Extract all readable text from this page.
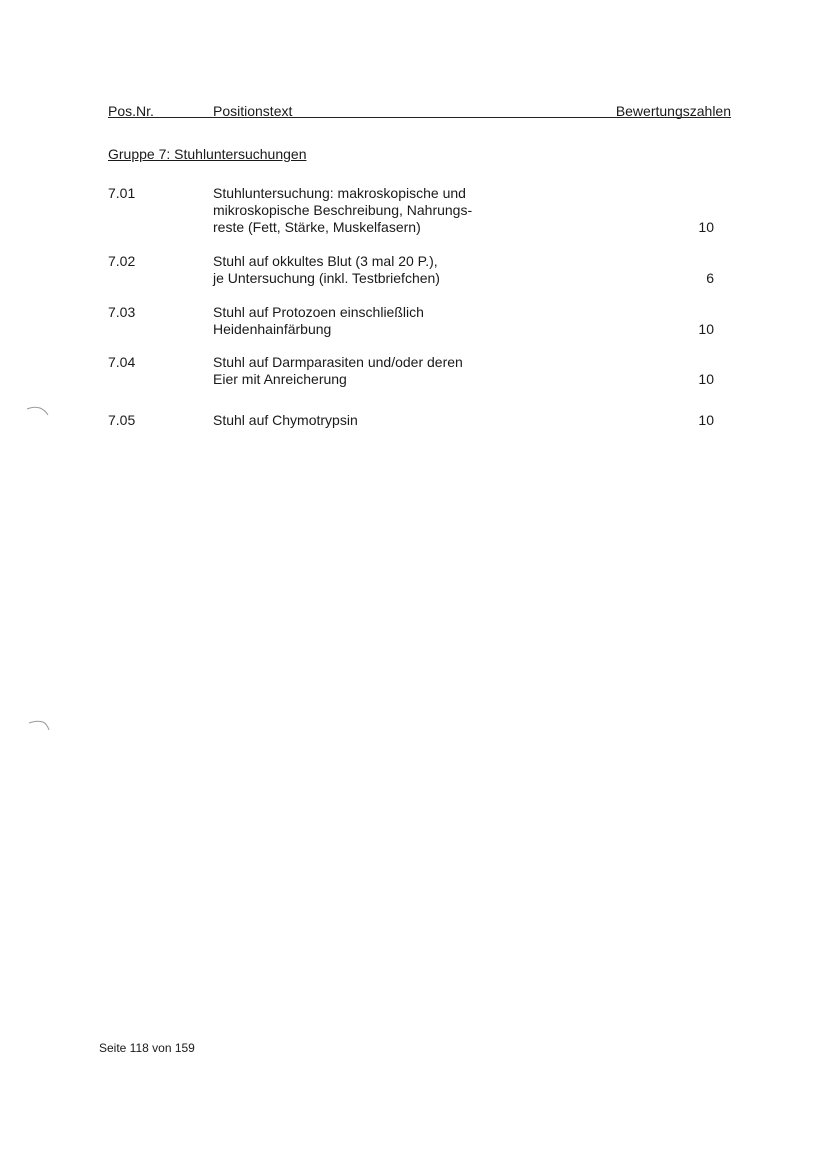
Pos.Nr.	Positionstext	Bewertungszahlen
Gruppe 7: Stuhluntersuchungen
7.01	Stuhluntersuchung: makroskopische und
mikroskopische Beschreibung, Nahrungs-
reste (Fett, Stärke, Muskelfasern)	10
7.02	Stuhl auf okkultes Blut (3 mal 20 P.),
je Untersuchung (inkl. Testbriefchen)	6
7.03	Stuhl auf Protozoen einschließlich
Heidenhainfärbung	10
7.04	Stuhl auf Darmparasiten und/oder deren
Eier mit Anreicherung	10
7.05	Stuhl auf Chymotrypsin	10
Seite 118 von 159
